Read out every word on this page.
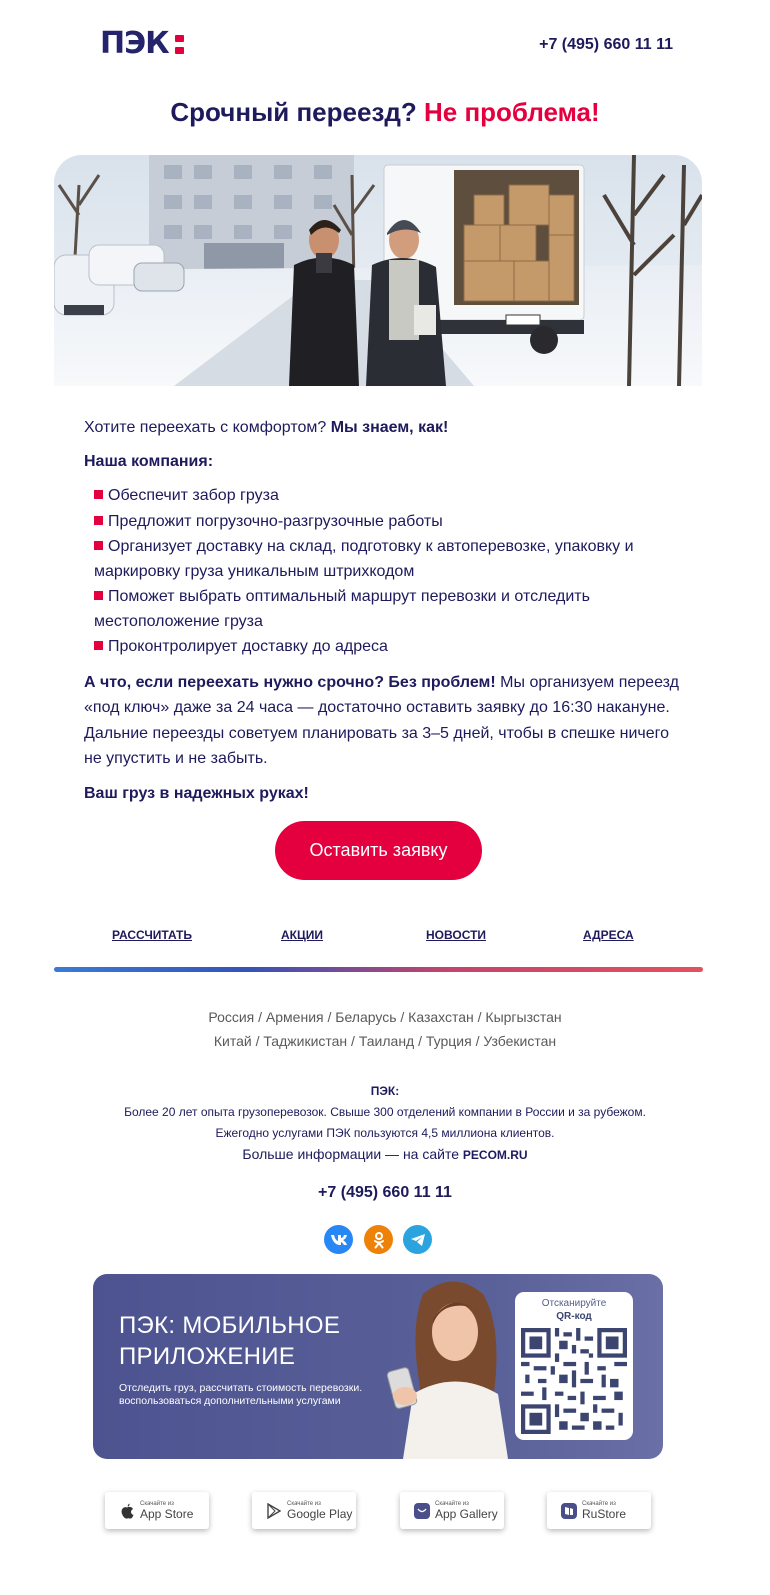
ПЭК	+7 (495) 660 11 11
Срочный переезд? Не проблема!

Хотите переехать с комфортом? Мы знаем, как!

Наша компания:

Обеспечит забор груза
Предложит погрузочно-разгрузочные работы
Организует доставку на склад, подготовку к автоперевозке, упаковку и маркировку груза уникальным штрихкодом
Поможет выбрать оптимальный маршрут перевозки и отследить местоположение груза
Проконтролирует доставку до адреса

А что, если переехать нужно срочно? Без проблем! Мы организуем переезд «под ключ» даже за 24 часа — достаточно оставить заявку до 16:30 накануне. Дальние переезды советуем планировать за 3–5 дней, чтобы в спешке ничего не упустить и не забыть.

Ваш груз в надежных руках!

Оставить заявку
РАССЧИТАТЬ	АКЦИИ	НОВОСТИ	АДРЕСА
Россия / Армения / Беларусь / Казахстан / Кыргызстан
Китай / Таджикистан / Таиланд / Турция / Узбекистан
ПЭК:
Более 20 лет опыта грузоперевозок. Свыше 300 отделений компании в России и за рубежом.
Ежегодно услугами ПЭК пользуются 4,5 миллиона клиентов.
Больше информации — на сайте PECOM.RU
+7 (495) 660 11 11
ПЭК: МОБИЛЬНОЕ ПРИЛОЖЕНИЕ
Отследить груз, рассчитать стоимость перевозки. воспользоваться дополнительными услугами
Отсканируйте
QR-код
Скачайте из
App Store
Скачайте из
Google Play
Скачайте из
App Gallery
Скачайте из
RuStore
